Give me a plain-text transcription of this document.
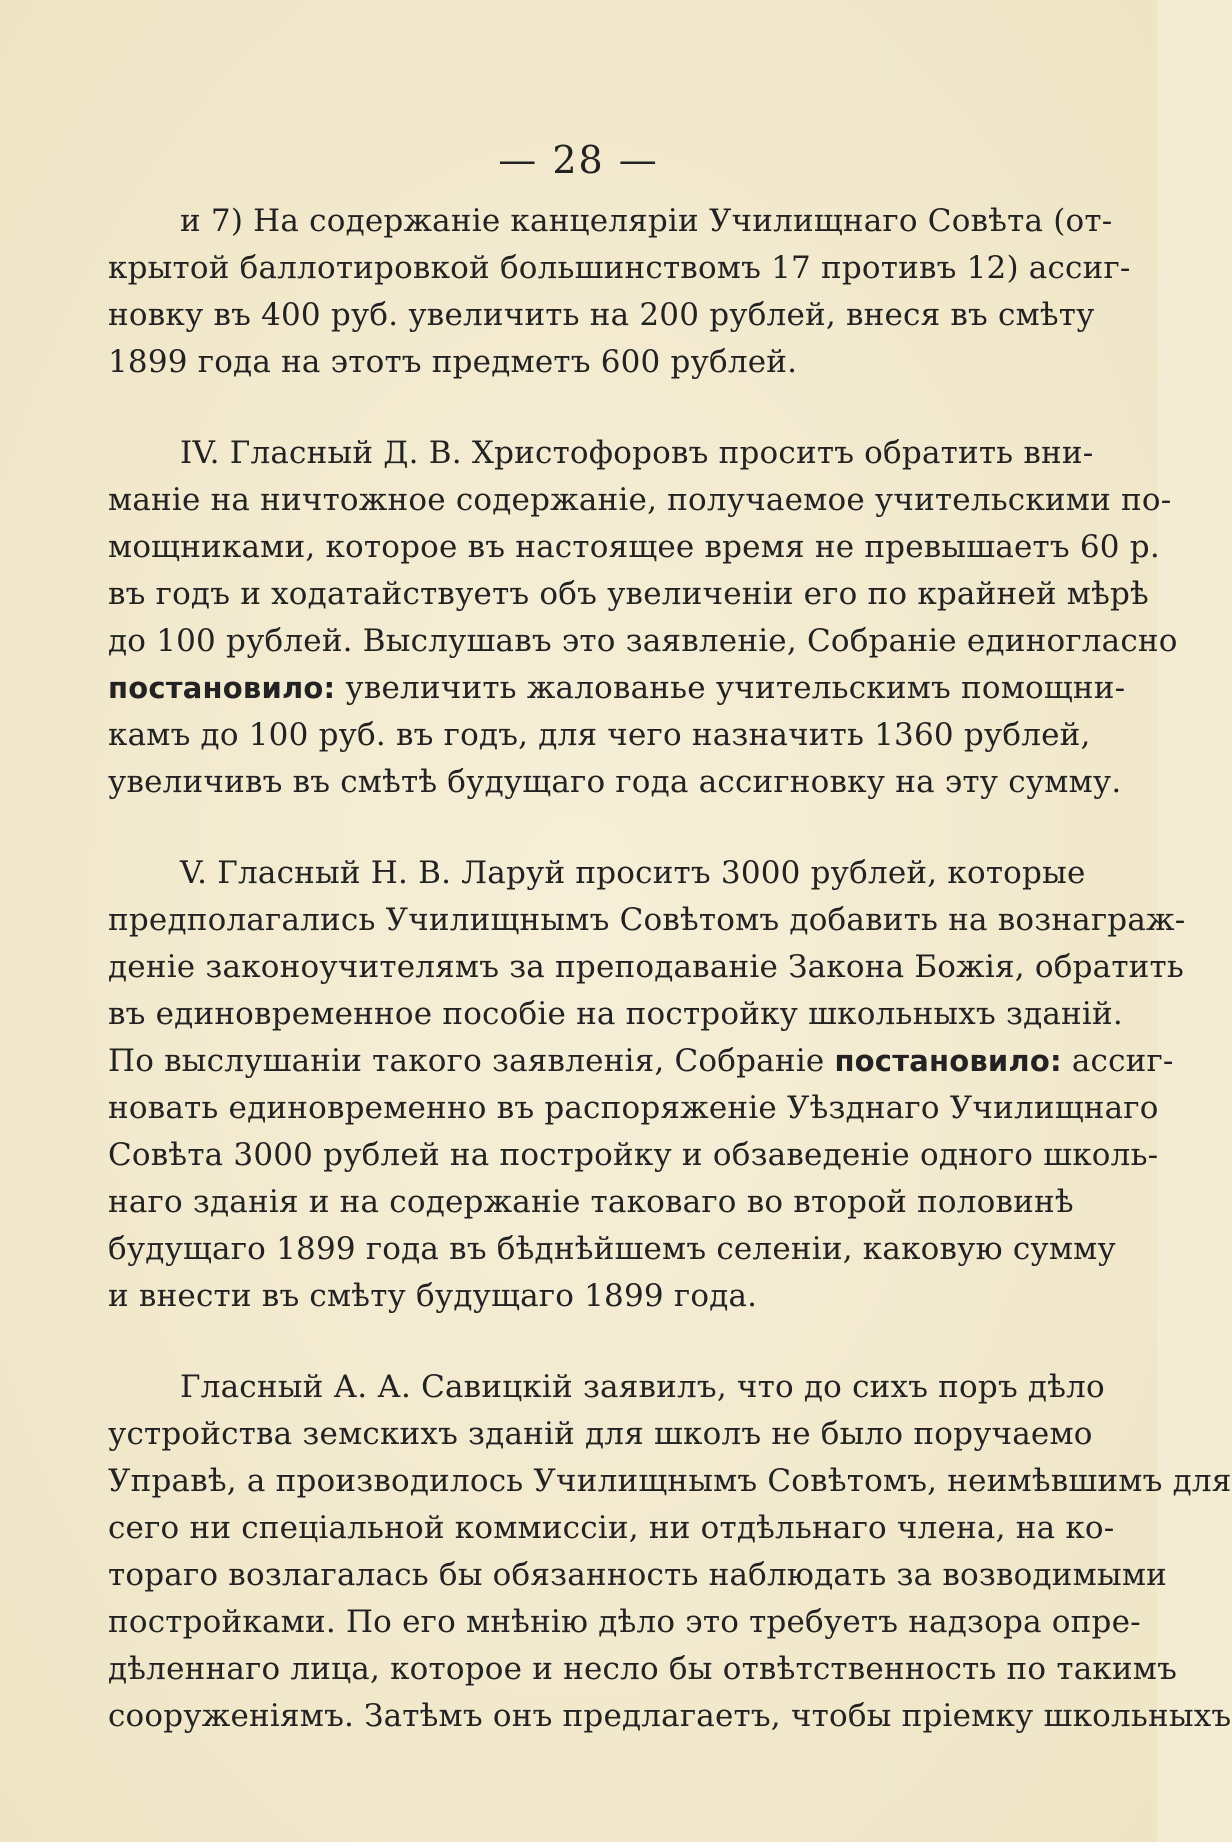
— 28 —
и 7) На содержаніе канцеляріи Училищнаго Совѣта (от-
крытой баллотировкой большинствомъ 17 противъ 12) ассиг-
новку въ 400 руб. увеличить на 200 рублей, внеся въ смѣту
1899 года на этотъ предметъ 600 рублей.
IV. Гласный Д. В. Христофоровъ проситъ обратить вни-
маніе на ничтожное содержаніе, получаемое учительскими по-
мощниками, которое въ настоящее время не превышаетъ 60 р.
въ годъ и ходатайствуетъ объ увеличеніи его по крайней мѣрѣ
до 100 рублей. Выслушавъ это заявленіе, Собраніе единогласно
постановило: увеличить жалованье учительскимъ помощни-
камъ до 100 руб. въ годъ, для чего назначить 1360 рублей,
увеличивъ въ смѣтѣ будущаго года ассигновку на эту сумму.
V. Гласный Н. В. Ларуй проситъ 3000 рублей, которые
предполагались Училищнымъ Совѣтомъ добавить на вознаграж-
деніе законоучителямъ за преподаваніе Закона Божія, обратить
въ единовременное пособіе на постройку школьныхъ зданій.
По выслушаніи такого заявленія, Собраніе постановило: ассиг-
новать единовременно въ распоряженіе Уѣзднаго Училищнаго
Совѣта 3000 рублей на постройку и обзаведеніе одного школь-
наго зданія и на содержаніе таковаго во второй половинѣ
будущаго 1899 года въ бѣднѣйшемъ селеніи, каковую сумму
и внести въ смѣту будущаго 1899 года.
Гласный А. А. Савицкій заявилъ, что до сихъ поръ дѣло
устройства земскихъ зданій для школъ не было поручаемо
Управѣ, а производилось Училищнымъ Совѣтомъ, неимѣвшимъ для
сего ни спеціальной коммиссіи, ни отдѣльнаго члена, на ко-
тораго возлагалась бы обязанность наблюдать за возводимыми
постройками. По его мнѣнію дѣло это требуетъ надзора опре-
дѣленнаго лица, которое и несло бы отвѣтственность по такимъ
сооруженіямъ. Затѣмъ онъ предлагаетъ, чтобы пріемку школьныхъ
